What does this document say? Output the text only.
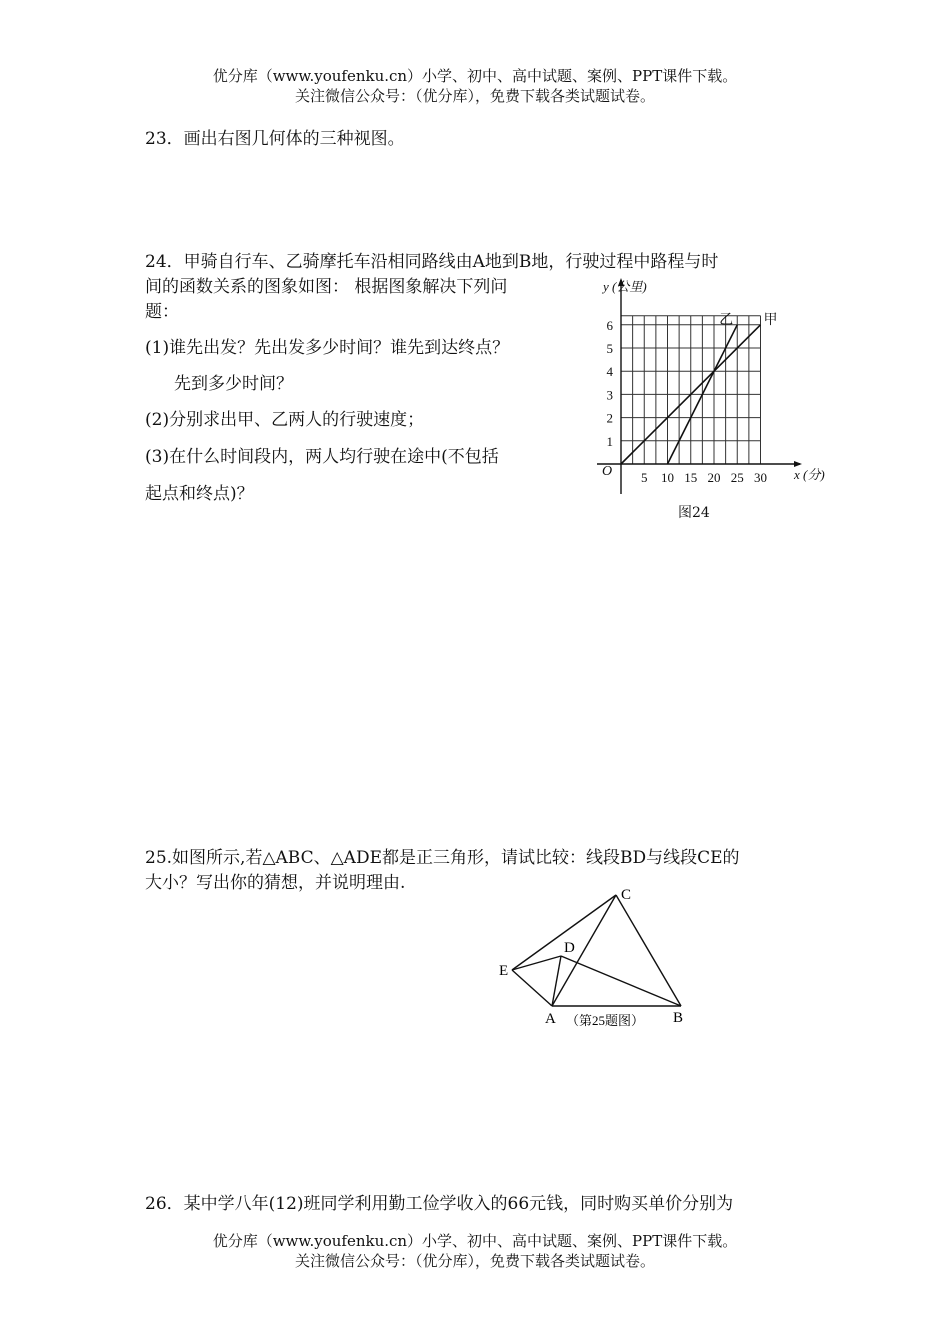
优分库（www.youfenku.cn）小学、初中、高中试题、案例、PPT课件下载。
关注微信公众号：（优分库），免费下载各类试题试卷。
23．画出右图几何体的三种视图。
24．甲骑自行车、乙骑摩托车沿相同路线由A地到B地，行驶过程中路程与时
间的函数关系的图象如图： 根据图象解决下列问
题：
(1)谁先出发？先出发多少时间？谁先到达终点？
先到多少时间？
(2)分别求出甲、乙两人的行驶速度；
(3)在什么时间段内，两人均行驶在途中(不包括
起点和终点)？
5 10 15 20 25 30
1
2
3
4
5
6	甲
乙
y (公里)
x (分)
O
图24
25.如图所示,若△ABC、△ADE都是正三角形，请试比较：线段BD与线段CE的
大小？写出你的猜想，并说明理由.
C
D
E
A	B
（第25题图）
26．某中学八年(12)班同学利用勤工俭学收入的66元钱，同时购买单价分别为
优分库（www.youfenku.cn）小学、初中、高中试题、案例、PPT课件下载。
关注微信公众号：（优分库），免费下载各类试题试卷。
